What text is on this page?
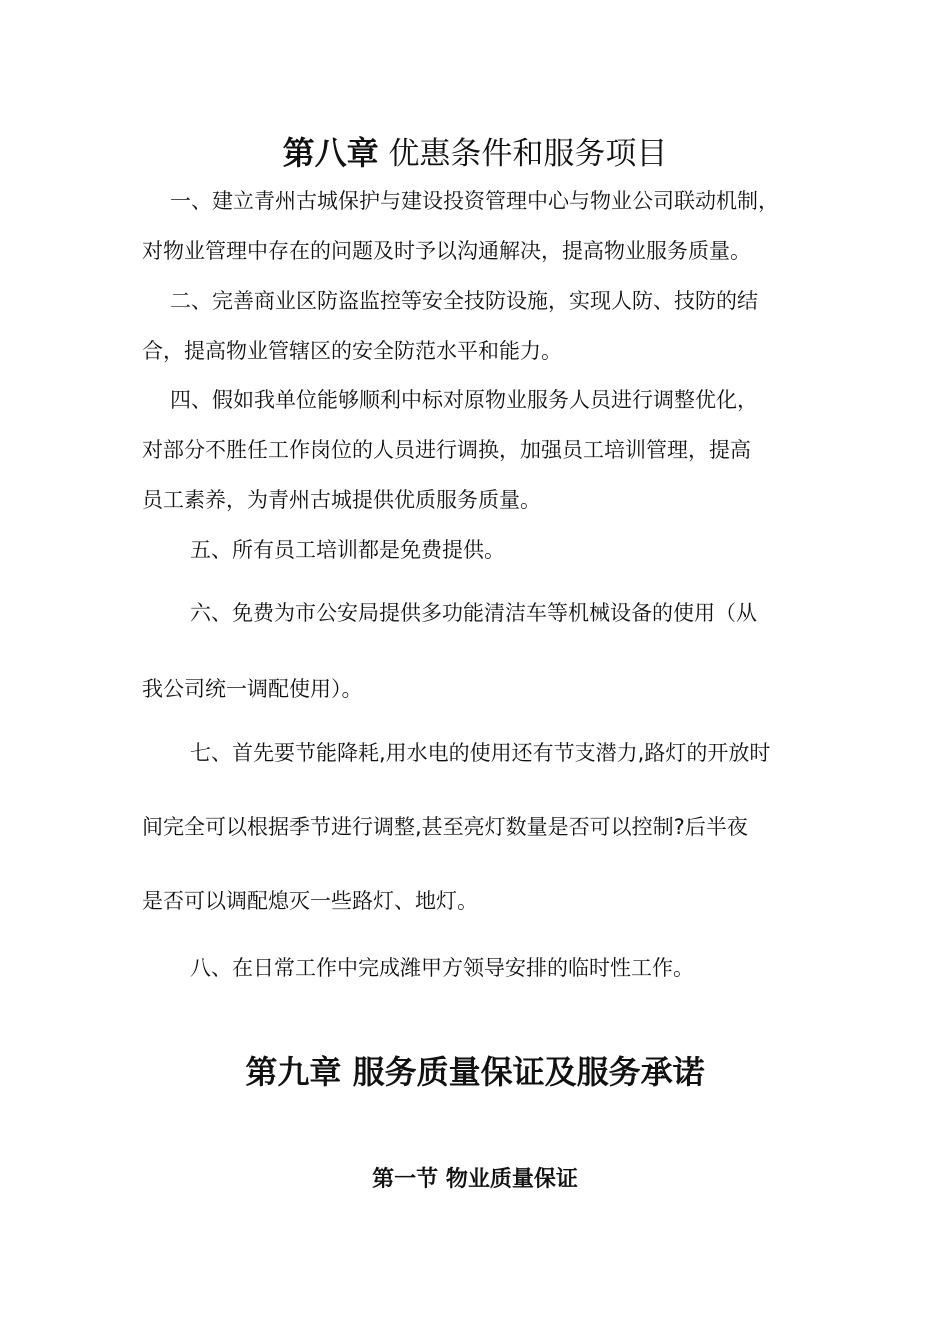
第八章 优惠条件和服务项目
一、建立青州古城保护与建设投资管理中心与物业公司联动机制，
对物业管理中存在的问题及时予以沟通解决，提高物业服务质量。
二、完善商业区防盗监控等安全技防设施，实现人防、技防的结
合，提高物业管辖区的安全防范水平和能力。
四、假如我单位能够顺利中标对原物业服务人员进行调整优化，
对部分不胜任工作岗位的人员进行调换，加强员工培训管理，提高
员工素养，为青州古城提供优质服务质量。
五、所有员工培训都是免费提供。
六、免费为市公安局提供多功能清洁车等机械设备的使用（从
我公司统一调配使用）。
七、首先要节能降耗,用水电的使用还有节支潜力,路灯的开放时
间完全可以根据季节进行调整,甚至亮灯数量是否可以控制?后半夜
是否可以调配熄灭一些路灯、地灯。
八、在日常工作中完成潍甲方领导安排的临时性工作。
第九章 服务质量保证及服务承诺
第一节 物业质量保证
